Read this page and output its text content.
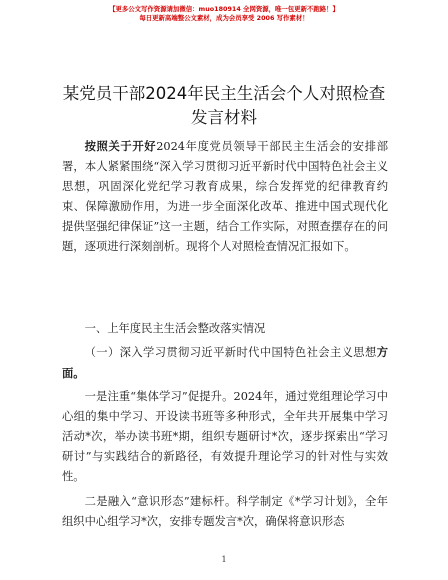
【更多公文写作资源请加微信：muo180914 全网资源，唯一包更新不跑路！】
每日更新高端整公文素材，成为会员享受 2006 写作素材！
某党员干部2024年民主生活会个人对照检查发言材料
按照关于开好2024年度党员领导干部民主生活会的安排部署，本人紧紧围绕“深入学习贯彻习近平新时代中国特色社会主义思想，巩固深化党纪学习教育成果，综合发挥党的纪律教育约束、保障激励作用，为进一步全面深化改革、推进中国式现代化提供坚强纪律保证”这一主题，结合工作实际，对照查摆存在的问题，逐项进行深刻剖析。现将个人对照检查情况汇报如下。
一、上年度民主生活会整改落实情况
（一）深入学习贯彻习近平新时代中国特色社会主义思想方面。
一是注重“集体学习”促提升。2024年，通过党组理论学习中心组的集中学习、开设读书班等多种形式，全年共开展集中学习活动*次，举办读书班*期，组织专题研讨*次，逐步探索出“学习研讨”与实践结合的新路径，有效提升理论学习的针对性与实效性。
二是融入“意识形态”建标杆。科学制定《*学习计划》，全年组织中心组学习*次，安排专题发言*次，确保将意识形态
1
